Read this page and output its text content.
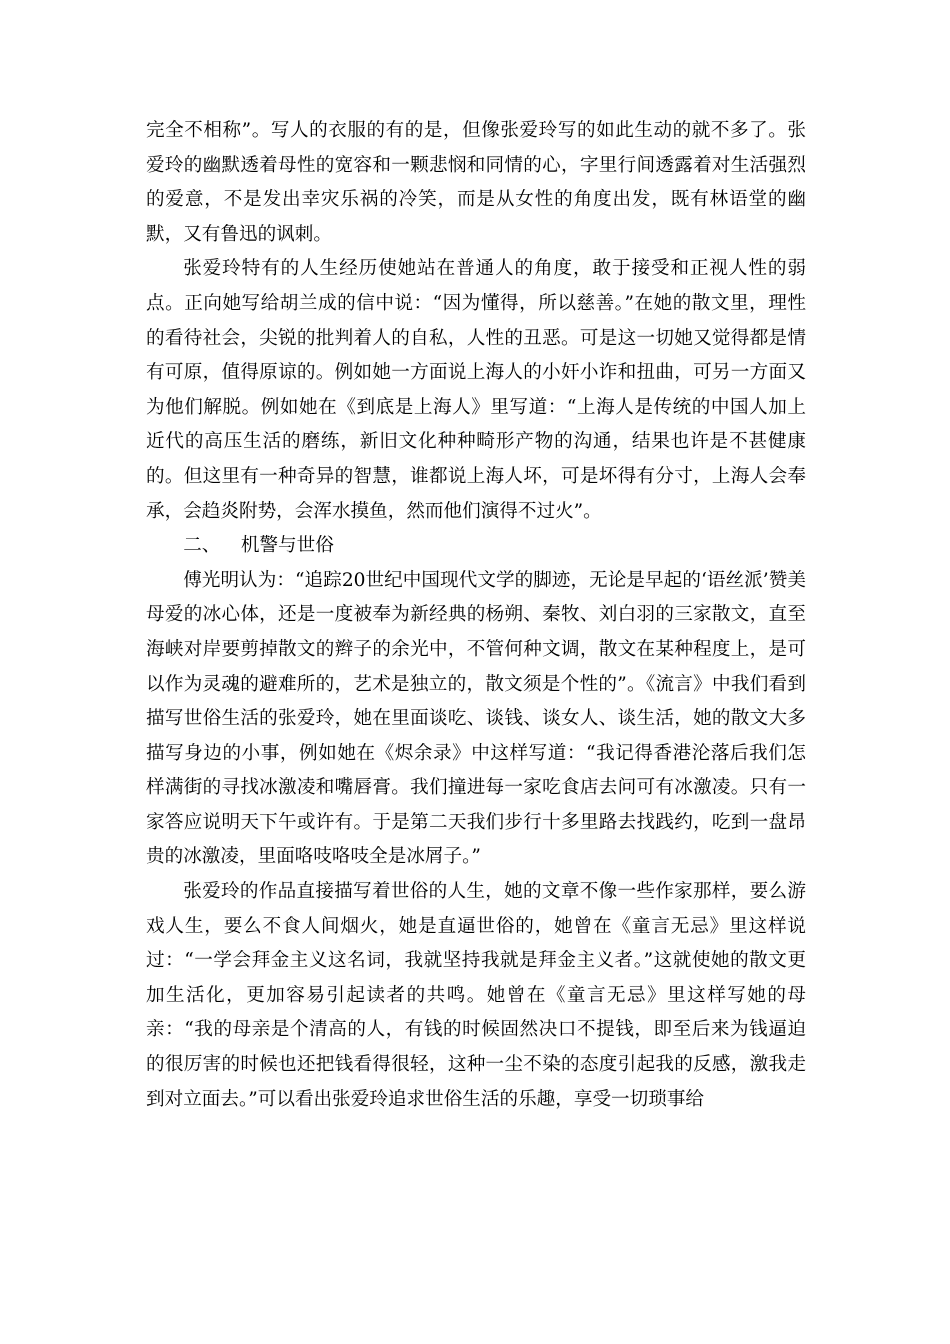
完全不相称”。写人的衣服的有的是，但像张爱玲写的如此生动的就不多了。张爱玲的幽默透着母性的宽容和一颗悲悯和同情的心，字里行间透露着对生活强烈的爱意，不是发出幸灾乐祸的冷笑，而是从女性的角度出发，既有林语堂的幽默，又有鲁迅的讽刺。

张爱玲特有的人生经历使她站在普通人的角度，敢于接受和正视人性的弱点。正向她写给胡兰成的信中说：“因为懂得，所以慈善。”在她的散文里，理性的看待社会，尖锐的批判着人的自私，人性的丑恶。可是这一切她又觉得都是情有可原，值得原谅的。例如她一方面说上海人的小奸小诈和扭曲，可另一方面又为他们解脱。例如她在《到底是上海人》里写道：“上海人是传统的中国人加上近代的高压生活的磨练，新旧文化种种畸形产物的沟通，结果也许是不甚健康的。但这里有一种奇异的智慧，谁都说上海人坏，可是坏得有分寸，上海人会奉承，会趋炎附势，会浑水摸鱼，然而他们演得不过火”。

二、 机警与世俗

傅光明认为：“追踪20世纪中国现代文学的脚迹，无论是早起的‘语丝派’赞美母爱的冰心体，还是一度被奉为新经典的杨朔、秦牧、刘白羽的三家散文，直至海峡对岸要剪掉散文的辫子的余光中，不管何种文调，散文在某种程度上，是可以作为灵魂的避难所的，艺术是独立的，散文须是个性的”。《流言》中我们看到描写世俗生活的张爱玲，她在里面谈吃、谈钱、谈女人、谈生活，她的散文大多描写身边的小事，例如她在《烬余录》中这样写道：“我记得香港沦落后我们怎样满街的寻找冰激凌和嘴唇膏。我们撞进每一家吃食店去问可有冰激凌。只有一家答应说明天下午或许有。于是第二天我们步行十多里路去找践约，吃到一盘昂贵的冰激凌，里面咯吱咯吱全是冰屑子。”

张爱玲的作品直接描写着世俗的人生，她的文章不像一些作家那样，要么游戏人生，要么不食人间烟火，她是直逼世俗的，她曾在《童言无忌》里这样说过：“一学会拜金主义这名词，我就坚持我就是拜金主义者。”这就使她的散文更加生活化，更加容易引起读者的共鸣。她曾在《童言无忌》里这样写她的母亲：“我的母亲是个清高的人，有钱的时候固然决口不提钱，即至后来为钱逼迫的很厉害的时候也还把钱看得很轻，这种一尘不染的态度引起我的反感，激我走到对立面去。”可以看出张爱玲追求世俗生活的乐趣，享受一切琐事给
